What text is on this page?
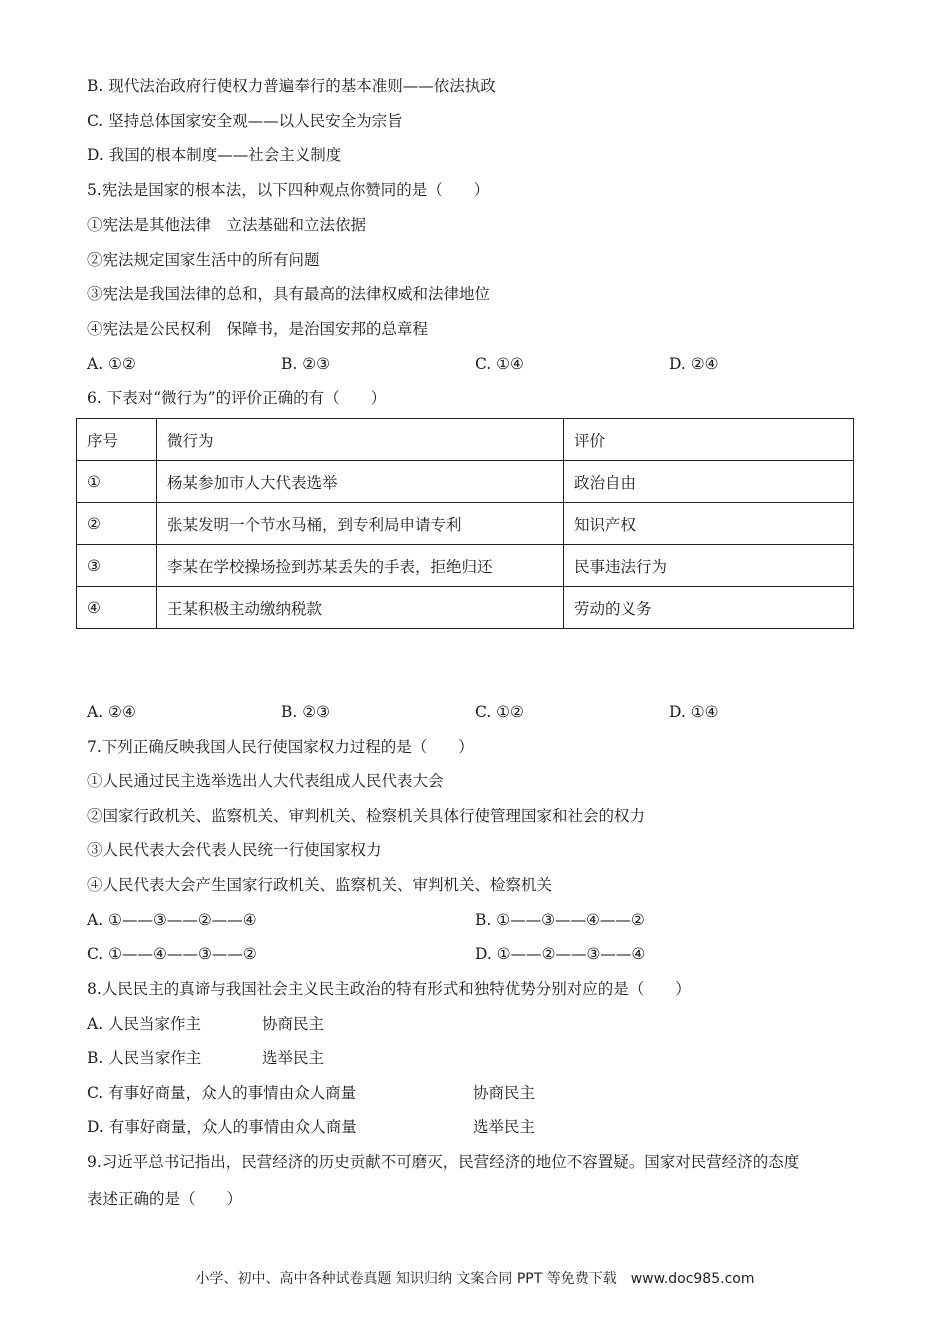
B. 现代法治政府行使权力普遍奉行的基本准则——依法执政
C. 坚持总体国家安全观——以人民安全为宗旨
D. 我国的根本制度——社会主义制度
5.宪法是国家的根本法，以下四种观点你赞同的是（　　）
①宪法是其他法律　立法基础和立法依据
②宪法规定国家生活中的所有问题
③宪法是我国法律的总和，具有最高的法律权威和法律地位
④宪法是公民权利　保障书，是治国安邦的总章程
A. ①②	B. ②③	C. ①④	D. ②④
6. 下表对“微行为”的评价正确的有（　　）
序号	微行为	评价
①	杨某参加市人大代表选举	政治自由
②	张某发明一个节水马桶，到专利局申请专利	知识产权
③	李某在学校操场捡到苏某丢失的手表，拒绝归还	民事违法行为
④	王某积极主动缴纳税款	劳动的义务
A. ②④	B. ②③	C. ①②	D. ①④
7.下列正确反映我国人民行使国家权力过程的是（　　）
①人民通过民主选举选出人大代表组成人民代表大会
②国家行政机关、监察机关、审判机关、检察机关具体行使管理国家和社会的权力
③人民代表大会代表人民统一行使国家权力
④人民代表大会产生国家行政机关、监察机关、审判机关、检察机关
A. ①——③——②——④	B. ①——③——④——②
C. ①——④——③——②	D. ①——②——③——④
8.人民民主的真谛与我国社会主义民主政治的特有形式和独特优势分别对应的是（　　）
A. 人民当家作主	协商民主
B. 人民当家作主	选举民主
C. 有事好商量，众人的事情由众人商量	协商民主
D. 有事好商量，众人的事情由众人商量	选举民主
9.习近平总书记指出，民营经济的历史贡献不可磨灭，民营经济的地位不容置疑。国家对民营经济的态度
表述正确的是（　　）
小学、初中、高中各种试卷真题 知识归纳 文案合同 PPT 等免费下载　www.doc985.com
